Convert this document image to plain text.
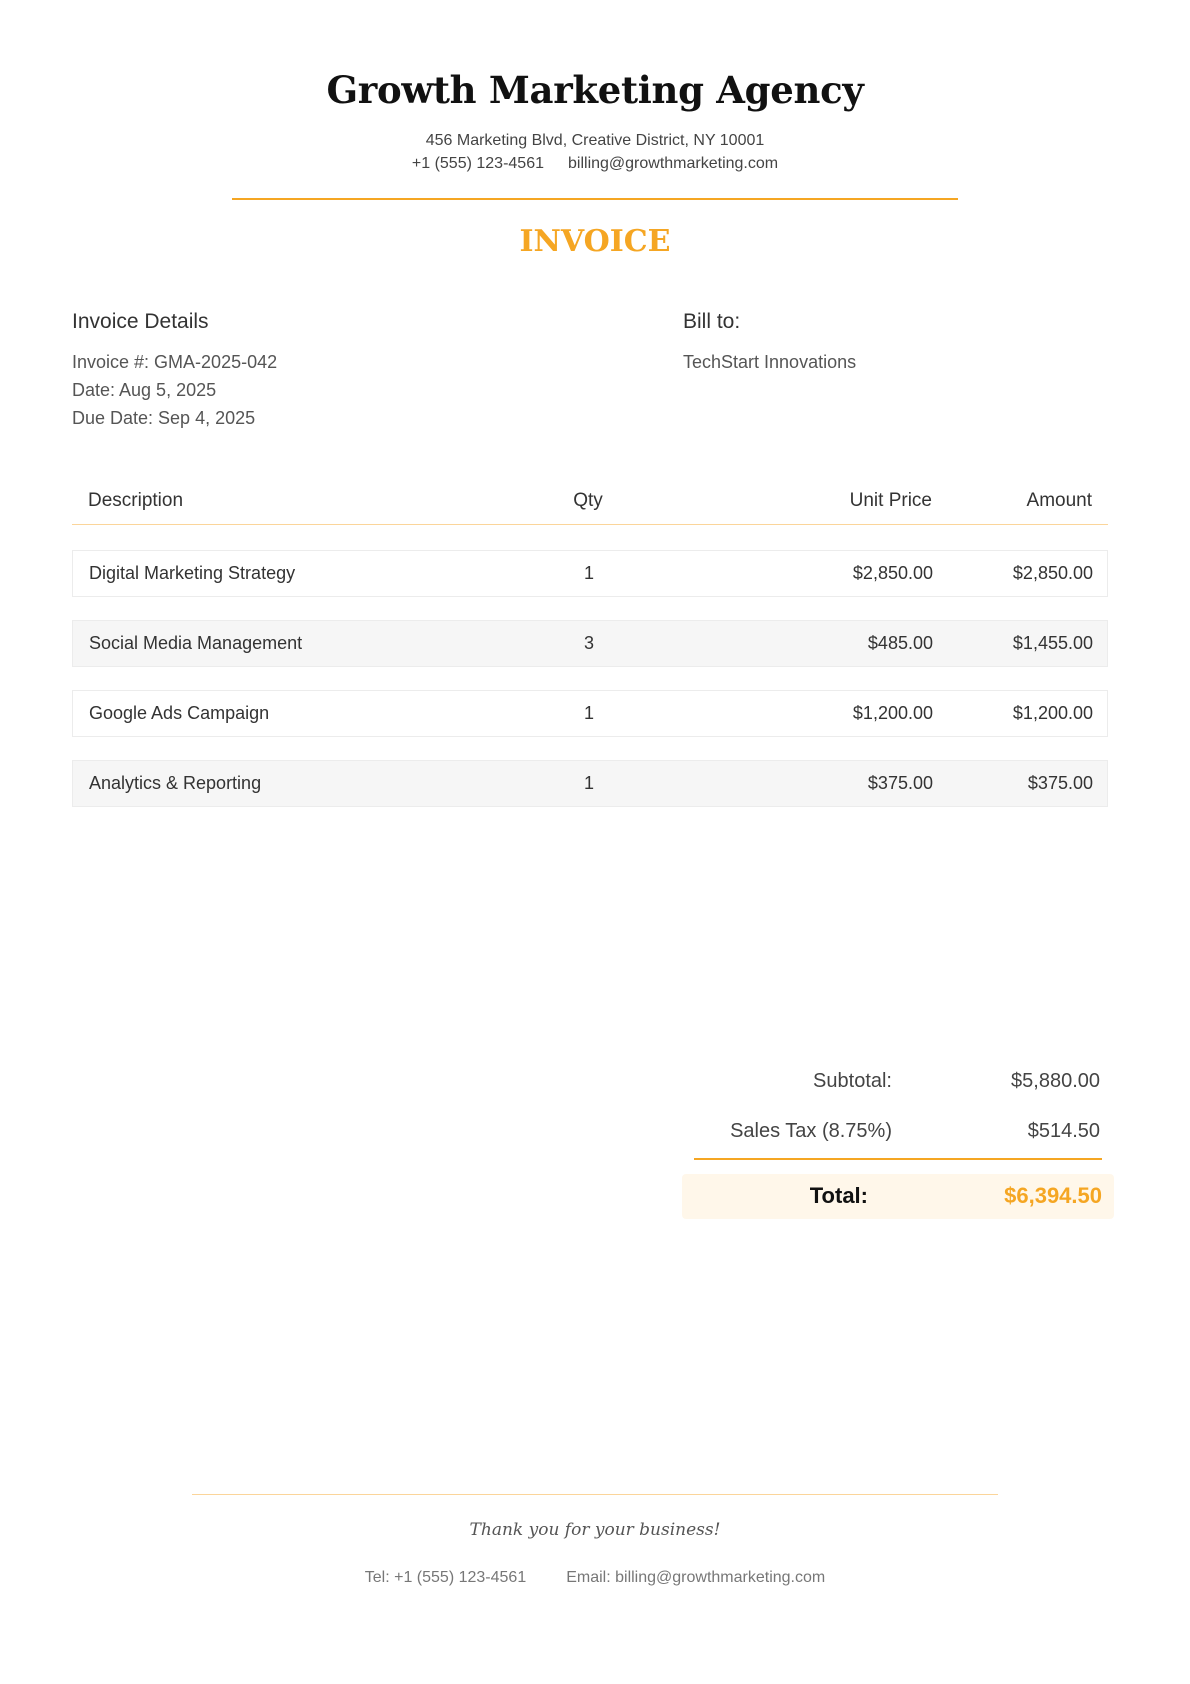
Growth Marketing Agency
456 Marketing Blvd, Creative District, NY 10001
+1 (555) 123-4561 billing@growthmarketing.com
INVOICE
Invoice Details
Invoice #: GMA-2025-042
Date: Aug 5, 2025
Due Date: Sep 4, 2025
Bill to:
TechStart Innovations
Description	Qty	Unit Price	Amount
Digital Marketing Strategy	1	$2,850.00	$2,850.00
Social Media Management	3	$485.00	$1,455.00
Google Ads Campaign	1	$1,200.00	$1,200.00
Analytics & Reporting	1	$375.00	$375.00
Subtotal:	$5,880.00
Sales Tax (8.75%)	$514.50
Total:	$6,394.50
Thank you for your business!
Tel: +1 (555) 123-4561	Email: billing@growthmarketing.com
